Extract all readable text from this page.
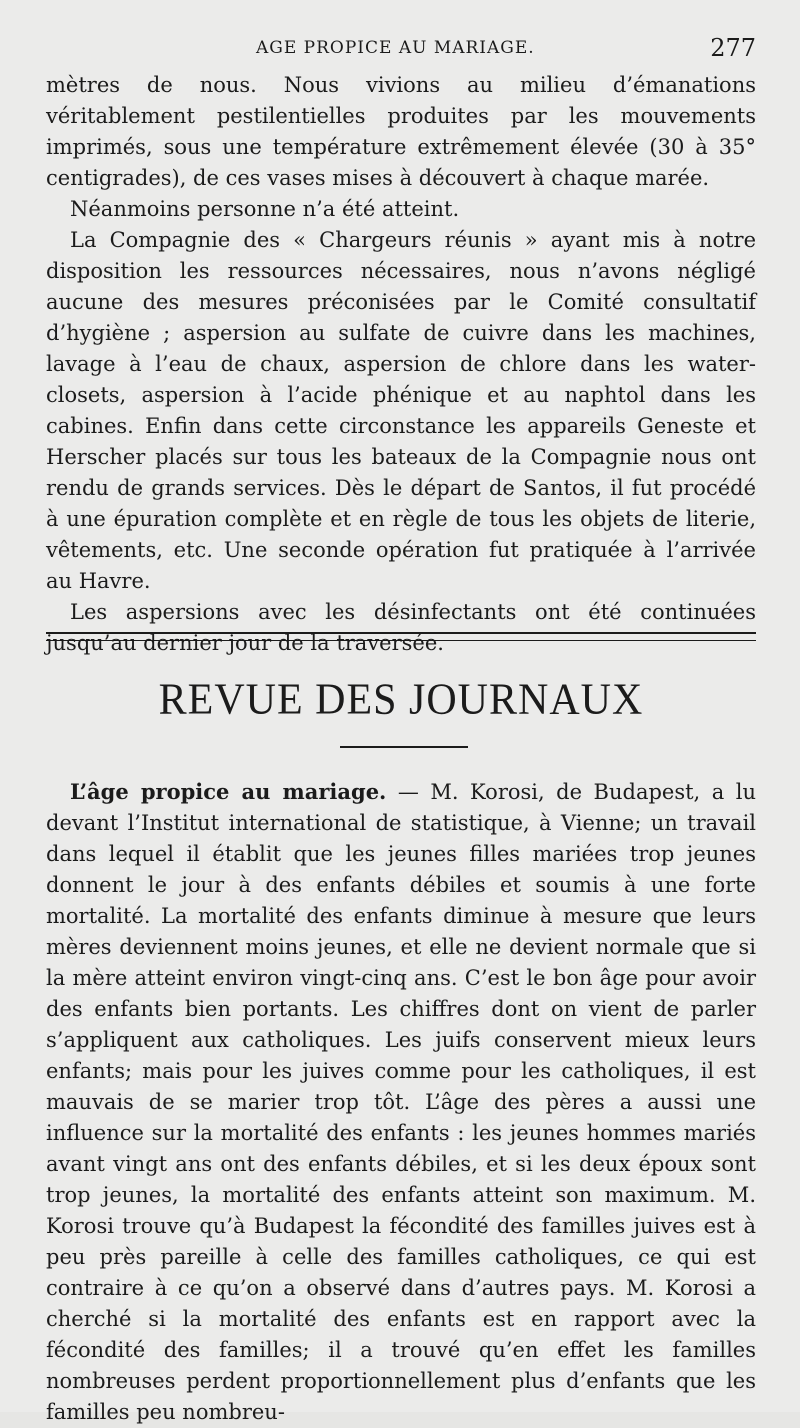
AGE PROPICE AU MARIAGE.	277

mètres de nous. Nous vivions au milieu d’émanations véritablement pestilentielles produites par les mouvements imprimés, sous une température extrêmement élevée (30 à 35° centigrades), de ces vases mises à découvert à chaque marée.

Néanmoins personne n’a été atteint.

La Compagnie des « Chargeurs réunis » ayant mis à notre disposition les ressources nécessaires, nous n’avons négligé aucune des mesures préconisées par le Comité consultatif d’hygiène ; aspersion au sulfate de cuivre dans les machines, lavage à l’eau de chaux, aspersion de chlore dans les water-closets, aspersion à l’acide phénique et au naphtol dans les cabines. Enfin dans cette circonstance les appareils Geneste et Herscher placés sur tous les bateaux de la Compagnie nous ont rendu de grands services. Dès le départ de Santos, il fut procédé à une épuration complète et en règle de tous les objets de literie, vêtements, etc. Une seconde opération fut pratiquée à l’arrivée au Havre.

Les aspersions avec les désinfectants ont été continuées jusqu’au dernier jour de la traversée.

REVUE DES JOURNAUX

L’âge propice au mariage. — M. Korosi, de Budapest, a lu devant l’Institut international de statistique, à Vienne; un travail dans lequel il établit que les jeunes filles mariées trop jeunes donnent le jour à des enfants débiles et soumis à une forte mortalité. La mortalité des enfants diminue à mesure que leurs mères deviennent moins jeunes, et elle ne devient normale que si la mère atteint environ vingt-cinq ans. C’est le bon âge pour avoir des enfants bien portants. Les chiffres dont on vient de parler s’appliquent aux catholiques. Les juifs conservent mieux leurs enfants; mais pour les juives comme pour les catholiques, il est mauvais de se marier trop tôt. L’âge des pères a aussi une influence sur la mortalité des enfants : les jeunes hommes mariés avant vingt ans ont des enfants débiles, et si les deux époux sont trop jeunes, la mortalité des enfants atteint son maximum. M. Korosi trouve qu’à Budapest la fécondité des familles juives est à peu près pareille à celle des familles catholiques, ce qui est contraire à ce qu’on a observé dans d’autres pays. M. Korosi a cherché si la mortalité des enfants est en rapport avec la fécondité des familles; il a trouvé qu’en effet les familles nombreuses perdent proportionnellement plus d’enfants que les familles peu nombreu-
